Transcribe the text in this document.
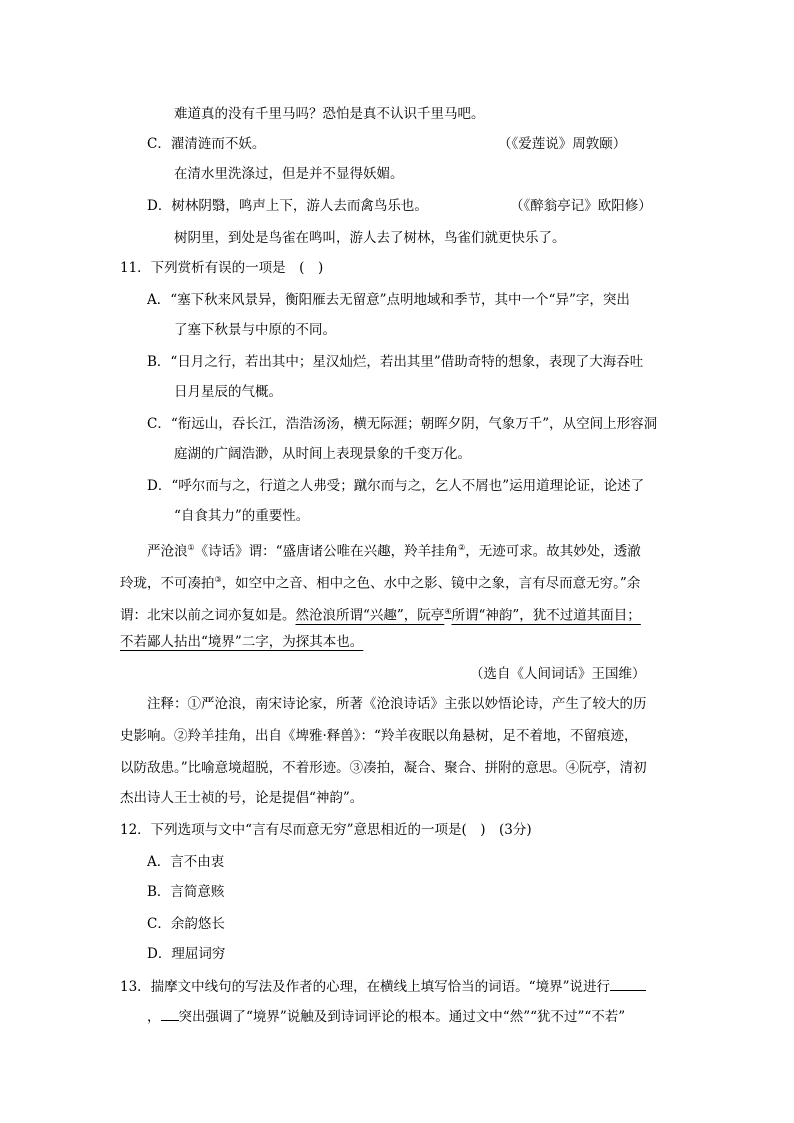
难道真的没有千里马吗？恐怕是真不认识千里马吧。
C．濯清涟而不妖。	（《爱莲说》周敦颐）
在清水里洗涤过，但是并不显得妖媚。
D．树林阴翳，鸣声上下，游人去而禽鸟乐也。	（《醉翁亭记》欧阳修）
树阴里，到处是鸟雀在鸣叫，游人去了树林，鸟雀们就更快乐了。
11．下列赏析有误的一项是　(　)
A．“塞下秋来风景异，衡阳雁去无留意”点明地域和季节，其中一个“异”字，突出
了塞下秋景与中原的不同。
B．“日月之行，若出其中；星汉灿烂，若出其里”借助奇特的想象，表现了大海吞吐
日月星辰的气概。
C．“衔远山，吞长江，浩浩汤汤，横无际涯；朝晖夕阴，气象万千”，从空间上形容洞
庭湖的广阔浩渺，从时间上表现景象的千变万化。
D．“呼尔而与之，行道之人弗受；蹴尔而与之，乞人不屑也”运用道理论证，论述了
“自食其力”的重要性。
严沧浪①《诗话》谓：“盛唐诸公唯在兴趣，羚羊挂角②，无迹可求。故其妙处，透澈
玲珑，不可凑拍③，如空中之音、相中之色、水中之影、镜中之象，言有尽而意无穷。”余
谓：北宋以前之词亦复如是。然沧浪所谓“兴趣”，阮亭④所谓“神韵”，犹不过道其面目；
不若鄙人拈出“境界”二字，为探其本也。
（选自《人间词话》王国维）
注释：①严沧浪，南宋诗论家，所著《沧浪诗话》主张以妙悟论诗，产生了较大的历
史影响。②羚羊挂角，出自《埤雅·释兽》：“羚羊夜眠以角悬树，足不着地，不留痕迹，
以防敌患。”比喻意境超脱，不着形迹。③凑拍，凝合、聚合、拼附的意思。④阮亭，清初
杰出诗人王士祯的号，论是提倡“神韵”。
12．下列选项与文中“言有尽而意无穷”意思相近的一项是(　)　(3分)
A．言不由衷
B．言简意赅
C．余韵悠长
D．理屈词穷
13．揣摩文中线句的写法及作者的心理，在横线上填写恰当的词语。“境界”说进行
， 突出强调了“境界”说触及到诗词评论的根本。通过文中“然”“犹不过”“不若”
